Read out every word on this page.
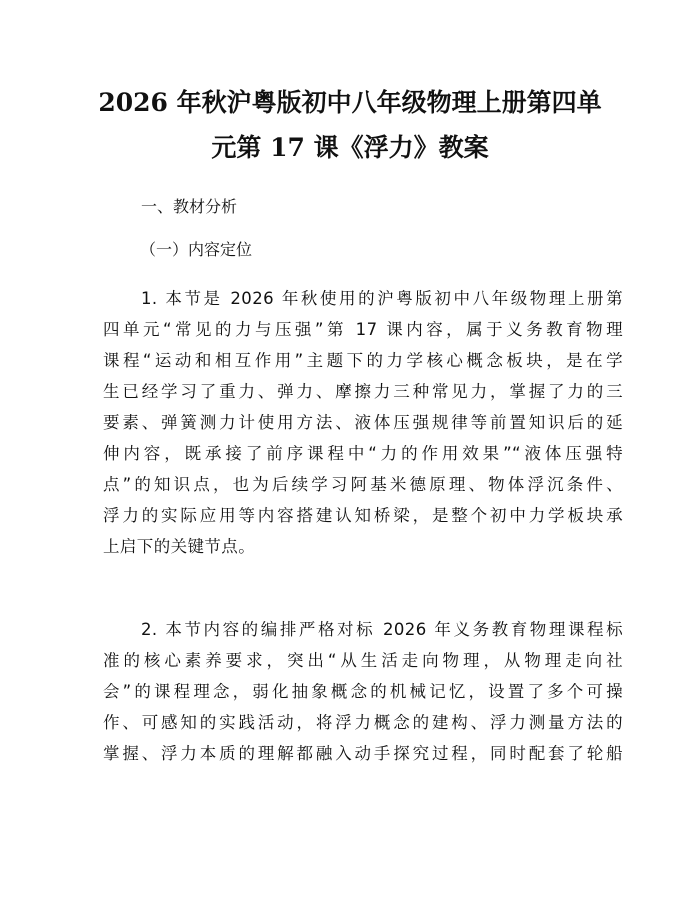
2026 年秋沪粤版初中八年级物理上册第四单
元第 17 课《浮力》教案
一、教材分析
（一）内容定位
1. 本节是 2026 年秋使用的沪粤版初中八年级物理上册第
四单元“常见的力与压强”第 17 课内容，属于义务教育物理
课程“运动和相互作用”主题下的力学核心概念板块，是在学
生已经学习了重力、弹力、摩擦力三种常见力，掌握了力的三
要素、弹簧测力计使用方法、液体压强规律等前置知识后的延
伸内容，既承接了前序课程中“力的作用效果”“液体压强特
点”的知识点，也为后续学习阿基米德原理、物体浮沉条件、
浮力的实际应用等内容搭建认知桥梁，是整个初中力学板块承
上启下的关键节点。
2. 本节内容的编排严格对标 2026 年义务教育物理课程标
准的核心素养要求，突出“从生活走向物理，从物理走向社
会”的课程理念，弱化抽象概念的机械记忆，设置了多个可操
作、可感知的实践活动，将浮力概念的建构、浮力测量方法的
掌握、浮力本质的理解都融入动手探究过程，同时配套了轮船
